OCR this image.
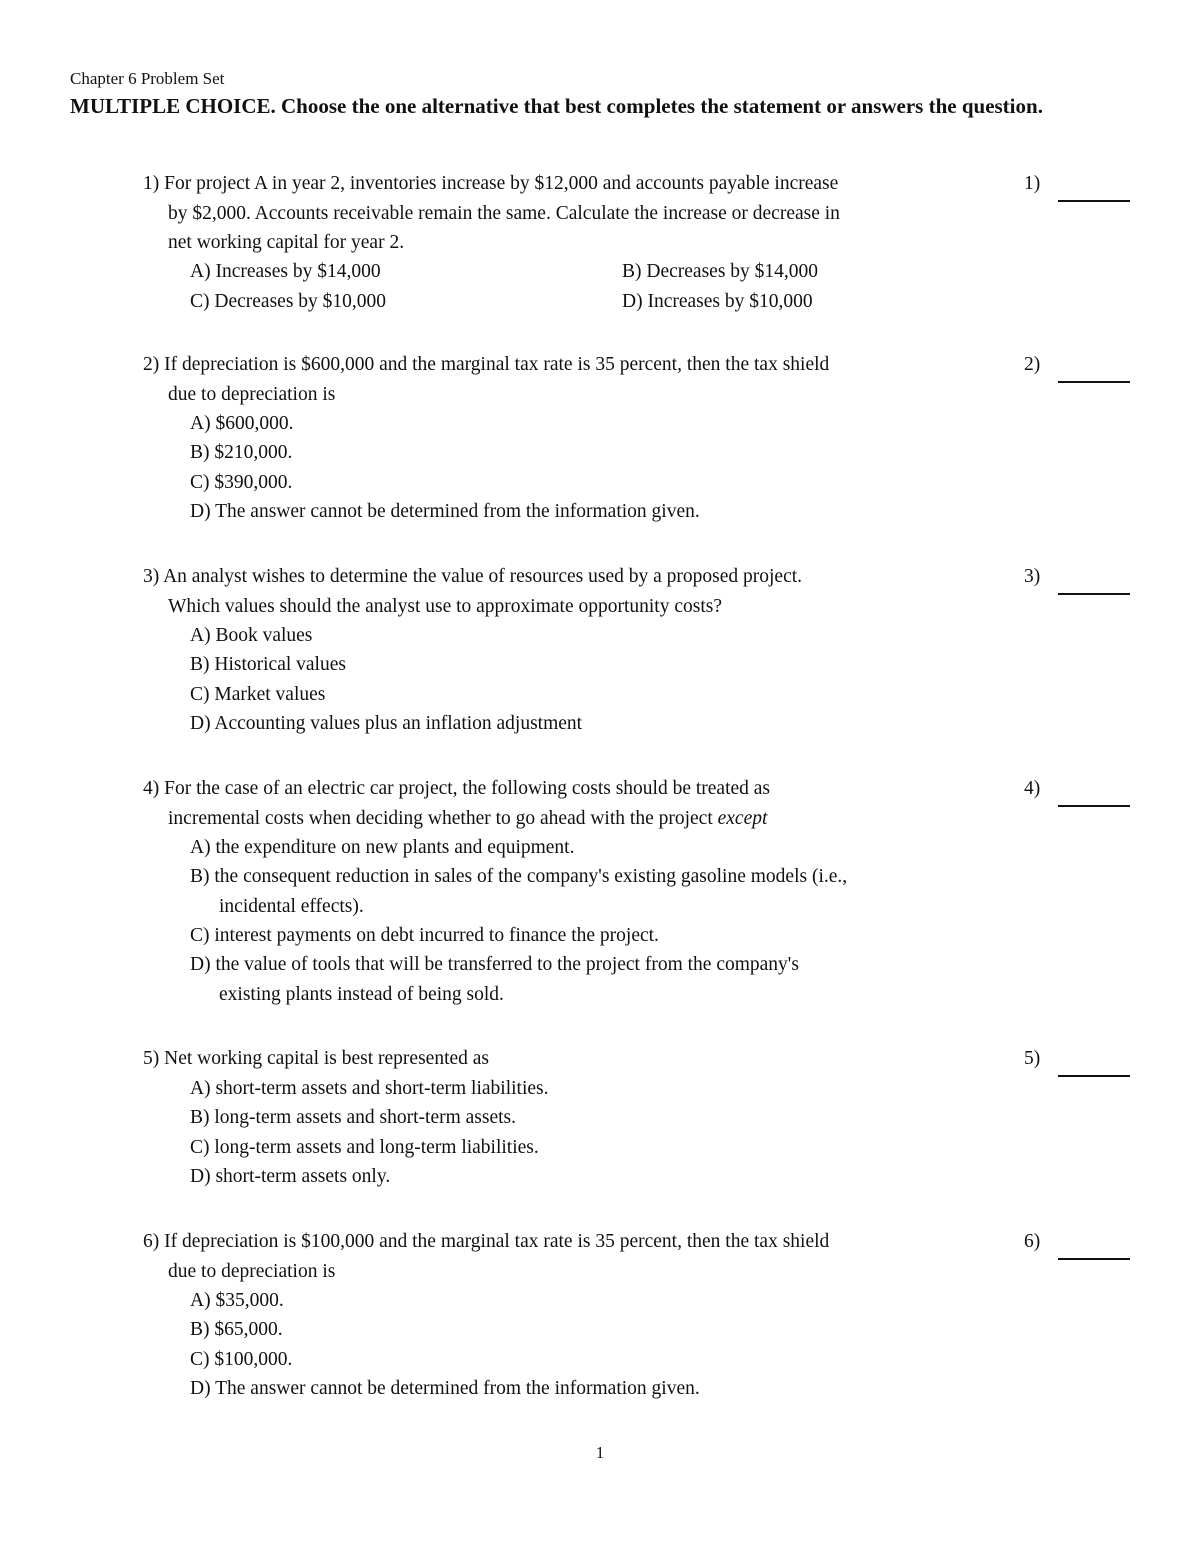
Chapter 6 Problem Set
MULTIPLE CHOICE. Choose the one alternative that best completes the statement or answers the question.
1) For project A in year 2, inventories increase by $12,000 and accounts payable increase
by $2,000. Accounts receivable remain the same. Calculate the increase or decrease in
net working capital for year 2.
A) Increases by $14,000	B) Decreases by $14,000
C) Decreases by $10,000	D) Increases by $10,000
1)
2) If depreciation is $600,000 and the marginal tax rate is 35 percent, then the tax shield
due to depreciation is
A) $600,000.
B) $210,000.
C) $390,000.
D) The answer cannot be determined from the information given.
2)
3) An analyst wishes to determine the value of resources used by a proposed project.
Which values should the analyst use to approximate opportunity costs?
A) Book values
B) Historical values
C) Market values
D) Accounting values plus an inflation adjustment
3)
4) For the case of an electric car project, the following costs should be treated as
incremental costs when deciding whether to go ahead with the project except
A) the expenditure on new plants and equipment.
B) the consequent reduction in sales of the company's existing gasoline models (i.e.,
incidental effects).
C) interest payments on debt incurred to finance the project.
D) the value of tools that will be transferred to the project from the company's
existing plants instead of being sold.
4)
5) Net working capital is best represented as
A) short-term assets and short-term liabilities.
B) long-term assets and short-term assets.
C) long-term assets and long-term liabilities.
D) short-term assets only.
5)
6) If depreciation is $100,000 and the marginal tax rate is 35 percent, then the tax shield
due to depreciation is
A) $35,000.
B) $65,000.
C) $100,000.
D) The answer cannot be determined from the information given.
6)
1
